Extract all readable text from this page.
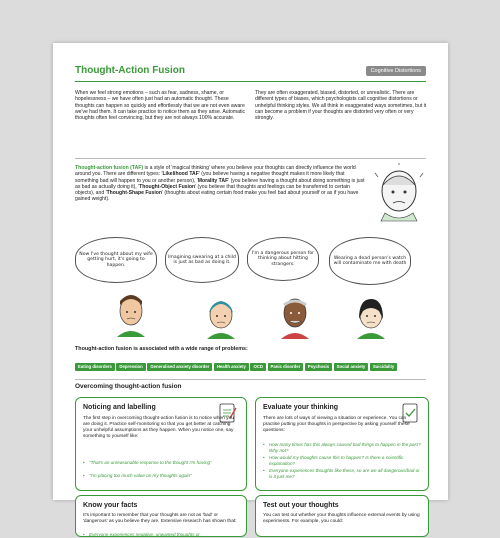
Thought-Action Fusion	Cognitive Distortions

When we feel strong emotions – such as fear, sadness, shame, or hopelessness – we have often just had an automatic thought. These thoughts can happen so quickly and effortlessly that we are not even aware we've had them. It can take practice to notice them as they arise. Automatic thoughts often feel convincing, but they are not always 100% accurate.

They are often exaggerated, biased, distorted, or unrealistic. There are different types of biases, which psychologists call cognitive distortions or unhelpful thinking styles. We all think in exaggerated ways sometimes, but it can become a problem if your thoughts are distorted very often or very strongly.

Thought-action fusion (TAF) is a style of 'magical thinking' where you believe your thoughts can directly influence the world around you. There are different types: 'Likelihood TAF' (you believe having a negative thought makes it more likely that something bad will happen to you or another person), 'Morality TAF' (you believe having a thought about doing something is just as bad as actually doing it), 'Thought-Object Fusion' (you believe that thoughts and feelings can be transferred to certain objects), and 'Thought-Shape Fusion' (thoughts about eating certain food make you feel bad about yourself or as if you have gained weight).

Now I've thought about my wife getting hurt, it's going to happen.
Imagining swearing at a child is just as bad as doing it.
I'm a dangerous person for thinking about hitting strangers.
Wearing a dead person's watch will contaminate me with death

Thought-action fusion is associated with a wide range of problems:

Eating disorders Depression Generalised anxiety disorder Health anxiety OCD Panic disorder Psychosis Social anxiety Suicidality
Overcoming thought-action fusion
Noticing and labelling

The first step in overcoming thought-action fusion is to notice when you are doing it. Practice self-monitoring so that you get better at catching your unhelpful assumptions as they happen. When you notice one, say something to yourself like:

• "That's an unreasonable response to the thought I'm having"
• "I'm placing too much value on my thoughts again"
Evaluate your thinking

There are lots of ways of viewing a situation or experience. You can practise putting your thoughts in perspective by asking yourself these questions:

• How many times has this always caused bad things to happen in the past? Why not?
• How would my thoughts cause this to happen? Is there a scientific explanation?
• Everyone experiences thoughts like these, so are we all dangerous/bad or is it just me?
Know your facts

It's important to remember that your thoughts are not as 'bad' or 'dangerous' as you believe they are. Extensive research has shown that:

• Everyone experiences negative, unwanted thoughts or
Test out your thoughts

You can test out whether your thoughts influence external events by using experiments. For example, you could:
